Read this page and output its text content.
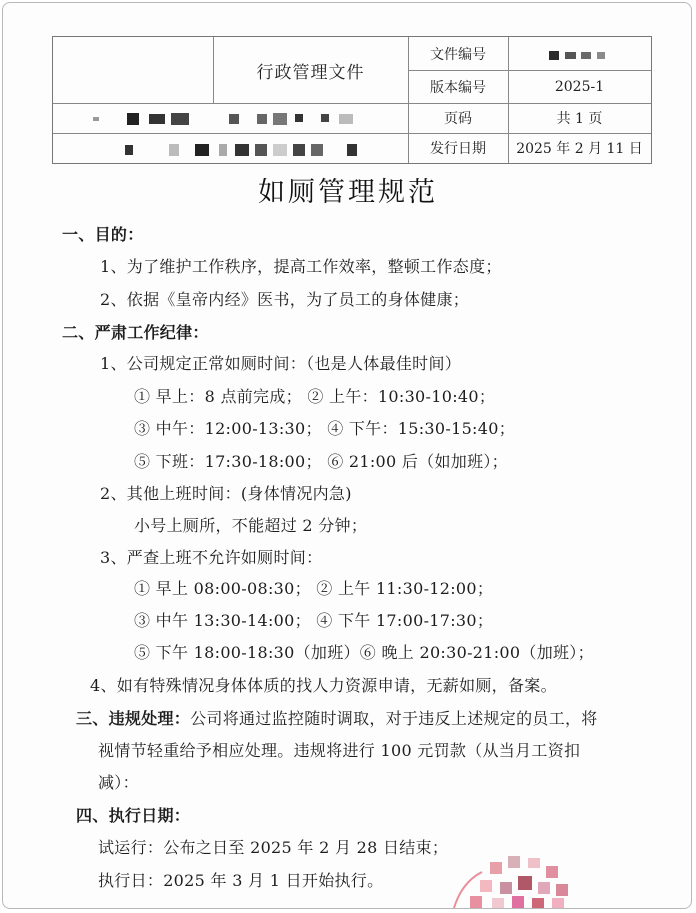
行政管理文件
文件编号
版本编号	2025-1
页码	共 1 页
发行日期	2025 年 2 月 11 日
如厕管理规范
一、目的：
1、为了维护工作秩序，提高工作效率，整顿工作态度；
2、依据《皇帝内经》医书，为了员工的身体健康；
二、严肃工作纪律：
1、公司规定正常如厕时间：（也是人体最佳时间）
① 早上：8 点前完成； ② 上午：10:30-10:40；
③ 中午：12:00-13:30； ④ 下午：15:30-15:40；
⑤ 下班：17:30-18:00； ⑥ 21:00 后（如加班）；
2、其他上班时间：(身体情况内急)
小号上厕所，不能超过 2 分钟；
3、严查上班不允许如厕时间：
① 早上 08:00-08:30； ② 上午 11:30-12:00；
③ 中午 13:30-14:00； ④ 下午 17:00-17:30；
⑤ 下午 18:00-18:30（加班）⑥ 晚上 20:30-21:00（加班）；
4、如有特殊情况身体体质的找人力资源申请，无薪如厕，备案。
三、违规处理：公司将通过监控随时调取，对于违反上述规定的员工，将
视情节轻重给予相应处理。违规将进行 100 元罚款（从当月工资扣
减）：
四、执行日期：
试运行：公布之日至 2025 年 2 月 28 日结束；
执行日：2025 年 3 月 1 日开始执行。
